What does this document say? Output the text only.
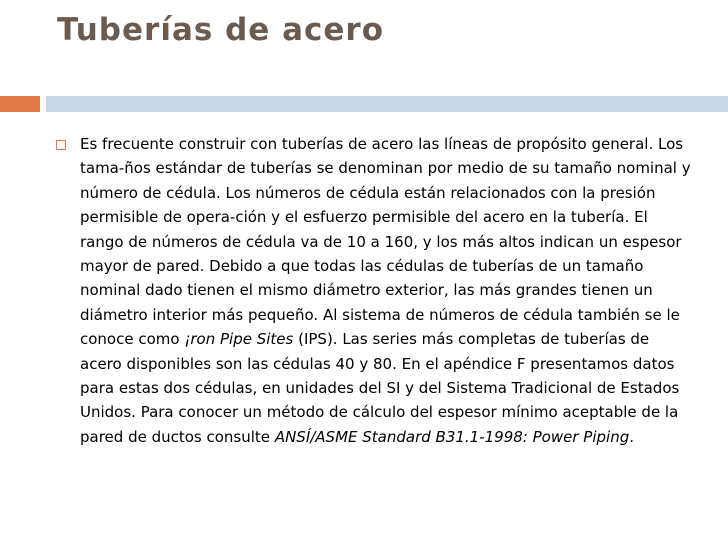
Tuberías de acero

Es frecuente construir con tuberías de acero las líneas de propósito general. Los tama-ños estándar de tuberías se denominan por medio de su tamaño nominal y número de cédula. Los números de cédula están relacionados con la presión permisible de opera-ción y el esfuerzo permisible del acero en la tubería. El rango de números de cédula va de 10 a 160, y los más altos indican un espesor mayor de pared. Debido a que todas las cédulas de tuberías de un tamaño nominal dado tienen el mismo diámetro exterior, las más grandes tienen un diámetro interior más pequeño. Al sistema de números de cédula también se le conoce como ¡ron Pipe Sites (IPS). Las series más completas de tuberías de acero disponibles son las cédulas 40 y 80. En el apéndice F presentamos datos para estas dos cédulas, en unidades del SI y del Sistema Tradicional de Estados Unidos. Para conocer un método de cálculo del espesor mínimo aceptable de la pared de ductos consulte ANSÍ/ASME Standard B31.1-1998: Power Piping.
